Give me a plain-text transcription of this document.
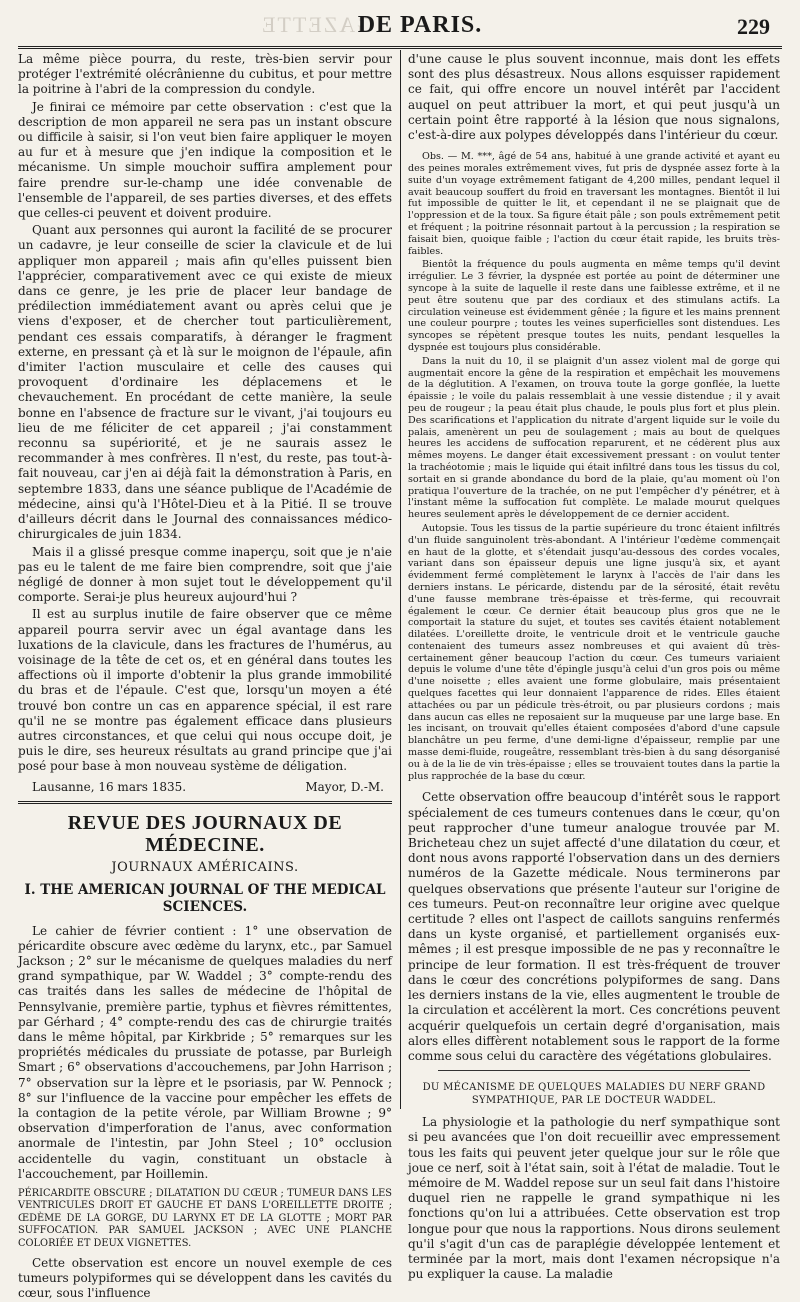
GAZETTE
DE PARIS.	229

La même pièce pourra, du reste, très-bien servir pour protéger l'extrémité olécrânienne du cubitus, et pour mettre la poitrine à l'abri de la compression du condyle.

Je finirai ce mémoire par cette observation : c'est que la description de mon appareil ne sera pas un instant obscure ou difficile à saisir, si l'on veut bien faire appliquer le moyen au fur et à mesure que j'en indique la composition et le mécanisme. Un simple mouchoir suffira amplement pour faire prendre sur-le-champ une idée convenable de l'ensemble de l'appareil, de ses parties diverses, et des effets que celles-ci peuvent et doivent produire.

Quant aux personnes qui auront la facilité de se procurer un cadavre, je leur conseille de scier la clavicule et de lui appliquer mon appareil ; mais afin qu'elles puissent bien l'apprécier, comparativement avec ce qui existe de mieux dans ce genre, je les prie de placer leur bandage de prédilection immédiatement avant ou après celui que je viens d'exposer, et de chercher tout particulièrement, pendant ces essais comparatifs, à déranger le fragment externe, en pressant çà et là sur le moignon de l'épaule, afin d'imiter l'action musculaire et celle des causes qui provoquent d'ordinaire les déplacemens et le chevauchement. En procédant de cette manière, la seule bonne en l'absence de fracture sur le vivant, j'ai toujours eu lieu de me féliciter de cet appareil ; j'ai constamment reconnu sa supériorité, et je ne saurais assez le recommander à mes confrères. Il n'est, du reste, pas tout-à-fait nouveau, car j'en ai déjà fait la démonstration à Paris, en septembre 1833, dans une séance publique de l'Académie de médecine, ainsi qu'à l'Hôtel-Dieu et à la Pitié. Il se trouve d'ailleurs décrit dans le Journal des connaissances médico-chirurgicales de juin 1834.

Mais il a glissé presque comme inaperçu, soit que je n'aie pas eu le talent de me faire bien comprendre, soit que j'aie négligé de donner à mon sujet tout le développement qu'il comporte. Serai-je plus heureux aujourd'hui ?

Il est au surplus inutile de faire observer que ce même appareil pourra servir avec un égal avantage dans les luxations de la clavicule, dans les fractures de l'humérus, au voisinage de la tête de cet os, et en général dans toutes les affections où il importe d'obtenir la plus grande immobilité du bras et de l'épaule. C'est que, lorsqu'un moyen a été trouvé bon contre un cas en apparence spécial, il est rare qu'il ne se montre pas également efficace dans plusieurs autres circonstances, et que celui qui nous occupe doit, je puis le dire, ses heureux résultats au grand principe que j'ai posé pour base à mon nouveau système de déligation.

Lausanne, 16 mars 1835.	Mayor, D.-M.
REVUE DES JOURNAUX DE MÉDECINE.
JOURNAUX AMÉRICAINS.
I. THE AMERICAN JOURNAL OF THE MEDICAL SCIENCES.

Le cahier de février contient : 1° une observation de péricardite obscure avec œdème du larynx, etc., par Samuel Jackson ; 2° sur le mécanisme de quelques maladies du nerf grand sympathique, par W. Waddel ; 3° compte-rendu des cas traités dans les salles de médecine de l'hôpital de Pennsylvanie, première partie, typhus et fièvres rémittentes, par Gérhard ; 4° compte-rendu des cas de chirurgie traités dans le même hôpital, par Kirkbride ; 5° remarques sur les propriétés médicales du prussiate de potasse, par Burleigh Smart ; 6° observations d'accouchemens, par John Harrison ; 7° observation sur la lèpre et le psoriasis, par W. Pennock ; 8° sur l'influence de la vaccine pour empêcher les effets de la contagion de la petite vérole, par William Browne ; 9° observation d'imperforation de l'anus, avec conformation anormale de l'intestin, par John Steel ; 10° occlusion accidentelle du vagin, constituant un obstacle à l'accouchement, par Hoillemin.

PÉRICARDITE OBSCURE ; DILATATION DU CŒUR ; TUMEUR DANS LES VENTRICULES DROIT ET GAUCHE ET DANS L'OREILLETTE DROITE ; ŒDÈME DE LA GORGE, DU LARYNX ET DE LA GLOTTE ; MORT PAR SUFFOCATION. PAR SAMUEL JACKSON ; AVEC UNE PLANCHE COLORIÉE ET DEUX VIGNETTES.

Cette observation est encore un nouvel exemple de ces tumeurs polypiformes qui se développent dans les cavités du cœur, sous l'influence

d'une cause le plus souvent inconnue, mais dont les effets sont des plus désastreux. Nous allons esquisser rapidement ce fait, qui offre encore un nouvel intérêt par l'accident auquel on peut attribuer la mort, et qui peut jusqu'à un certain point être rapporté à la lésion que nous signalons, c'est-à-dire aux polypes développés dans l'intérieur du cœur.

Obs. — M. ***, âgé de 54 ans, habitué à une grande activité et ayant eu des peines morales extrêmement vives, fut pris de dyspnée assez forte à la suite d'un voyage extrêmement fatigant de 4,200 milles, pendant lequel il avait beaucoup souffert du froid en traversant les montagnes. Bientôt il lui fut impossible de quitter le lit, et cependant il ne se plaignait que de l'oppression et de la toux. Sa figure était pâle ; son pouls extrêmement petit et fréquent ; la poitrine résonnait partout à la percussion ; la respiration se faisait bien, quoique faible ; l'action du cœur était rapide, les bruits très-faibles.

Bientôt la fréquence du pouls augmenta en même temps qu'il devint irrégulier. Le 3 février, la dyspnée est portée au point de déterminer une syncope à la suite de laquelle il reste dans une faiblesse extrême, et il ne peut être soutenu que par des cordiaux et des stimulans actifs. La circulation veineuse est évidemment gênée ; la figure et les mains prennent une couleur pourpre ; toutes les veines superficielles sont distendues. Les syncopes se répètent presque toutes les nuits, pendant lesquelles la dyspnée est toujours plus considérable.

Dans la nuit du 10, il se plaignit d'un assez violent mal de gorge qui augmentait encore la gêne de la respiration et empêchait les mouvemens de la déglutition. A l'examen, on trouva toute la gorge gonflée, la luette épaissie ; le voile du palais ressemblait à une vessie distendue ; il y avait peu de rougeur ; la peau était plus chaude, le pouls plus fort et plus plein. Des scarifications et l'application du nitrate d'argent liquide sur le voile du palais, amenèrent un peu de soulagement ; mais au bout de quelques heures les accidens de suffocation reparurent, et ne cédèrent plus aux mêmes moyens. Le danger était excessivement pressant : on voulut tenter la trachéotomie ; mais le liquide qui était infiltré dans tous les tissus du col, sortait en si grande abondance du bord de la plaie, qu'au moment où l'on pratiqua l'ouverture de la trachée, on ne put l'empêcher d'y pénétrer, et à l'instant même la suffocation fut complète. Le malade mourut quelques heures seulement après le développement de ce dernier accident.

Autopsie. Tous les tissus de la partie supérieure du tronc étaient infiltrés d'un fluide sanguinolent très-abondant. A l'intérieur l'œdème commençait en haut de la glotte, et s'étendait jusqu'au-dessous des cordes vocales, variant dans son épaisseur depuis une ligne jusqu'à six, et ayant évidemment fermé complètement le larynx à l'accès de l'air dans les derniers instans. Le péricarde, distendu par de la sérosité, était revêtu d'une fausse membrane très-épaisse et très-ferme, qui recouvrait également le cœur. Ce dernier était beaucoup plus gros que ne le comportait la stature du sujet, et toutes ses cavités étaient notablement dilatées. L'oreillette droite, le ventricule droit et le ventricule gauche contenaient des tumeurs assez nombreuses et qui avaient dû très-certainement gêner beaucoup l'action du cœur. Ces tumeurs variaient depuis le volume d'une tête d'épingle jusqu'à celui d'un gros pois ou même d'une noisette ; elles avaient une forme globulaire, mais présentaient quelques facettes qui leur donnaient l'apparence de rides. Elles étaient attachées ou par un pédicule très-étroit, ou par plusieurs cordons ; mais dans aucun cas elles ne reposaient sur la muqueuse par une large base. En les incisant, on trouvait qu'elles étaient composées d'abord d'une capsule blanchâtre un peu ferme, d'une demi-ligne d'épaisseur, remplie par une masse demi-fluide, rougeâtre, ressemblant très-bien à du sang désorganisé ou à de la lie de vin très-épaisse ; elles se trouvaient toutes dans la partie la plus rapprochée de la base du cœur.

Cette observation offre beaucoup d'intérêt sous le rapport spécialement de ces tumeurs contenues dans le cœur, qu'on peut rapprocher d'une tumeur analogue trouvée par M. Bricheteau chez un sujet affecté d'une dilatation du cœur, et dont nous avons rapporté l'observation dans un des derniers numéros de la Gazette médicale. Nous terminerons par quelques observations que présente l'auteur sur l'origine de ces tumeurs. Peut-on reconnaître leur origine avec quelque certitude ? elles ont l'aspect de caillots sanguins renfermés dans un kyste organisé, et partiellement organisés eux-mêmes ; il est presque impossible de ne pas y reconnaître le principe de leur formation. Il est très-fréquent de trouver dans le cœur des concrétions polypiformes de sang. Dans les derniers instans de la vie, elles augmentent le trouble de la circulation et accélèrent la mort. Ces concrétions peuvent acquérir quelquefois un certain degré d'organisation, mais alors elles diffèrent notablement sous le rapport de la forme comme sous celui du caractère des végétations globulaires.

DU MÉCANISME DE QUELQUES MALADIES DU NERF GRAND SYMPATHIQUE, PAR LE DOCTEUR WADDEL.

La physiologie et la pathologie du nerf sympathique sont si peu avancées que l'on doit recueillir avec empressement tous les faits qui peuvent jeter quelque jour sur le rôle que joue ce nerf, soit à l'état sain, soit à l'état de maladie. Tout le mémoire de M. Waddel repose sur un seul fait dans l'histoire duquel rien ne rappelle le grand sympathique ni les fonctions qu'on lui a attribuées. Cette observation est trop longue pour que nous la rapportions. Nous dirons seulement qu'il s'agit d'un cas de paraplégie développée lentement et terminée par la mort, mais dont l'examen nécropsique n'a pu expliquer la cause. La maladie
